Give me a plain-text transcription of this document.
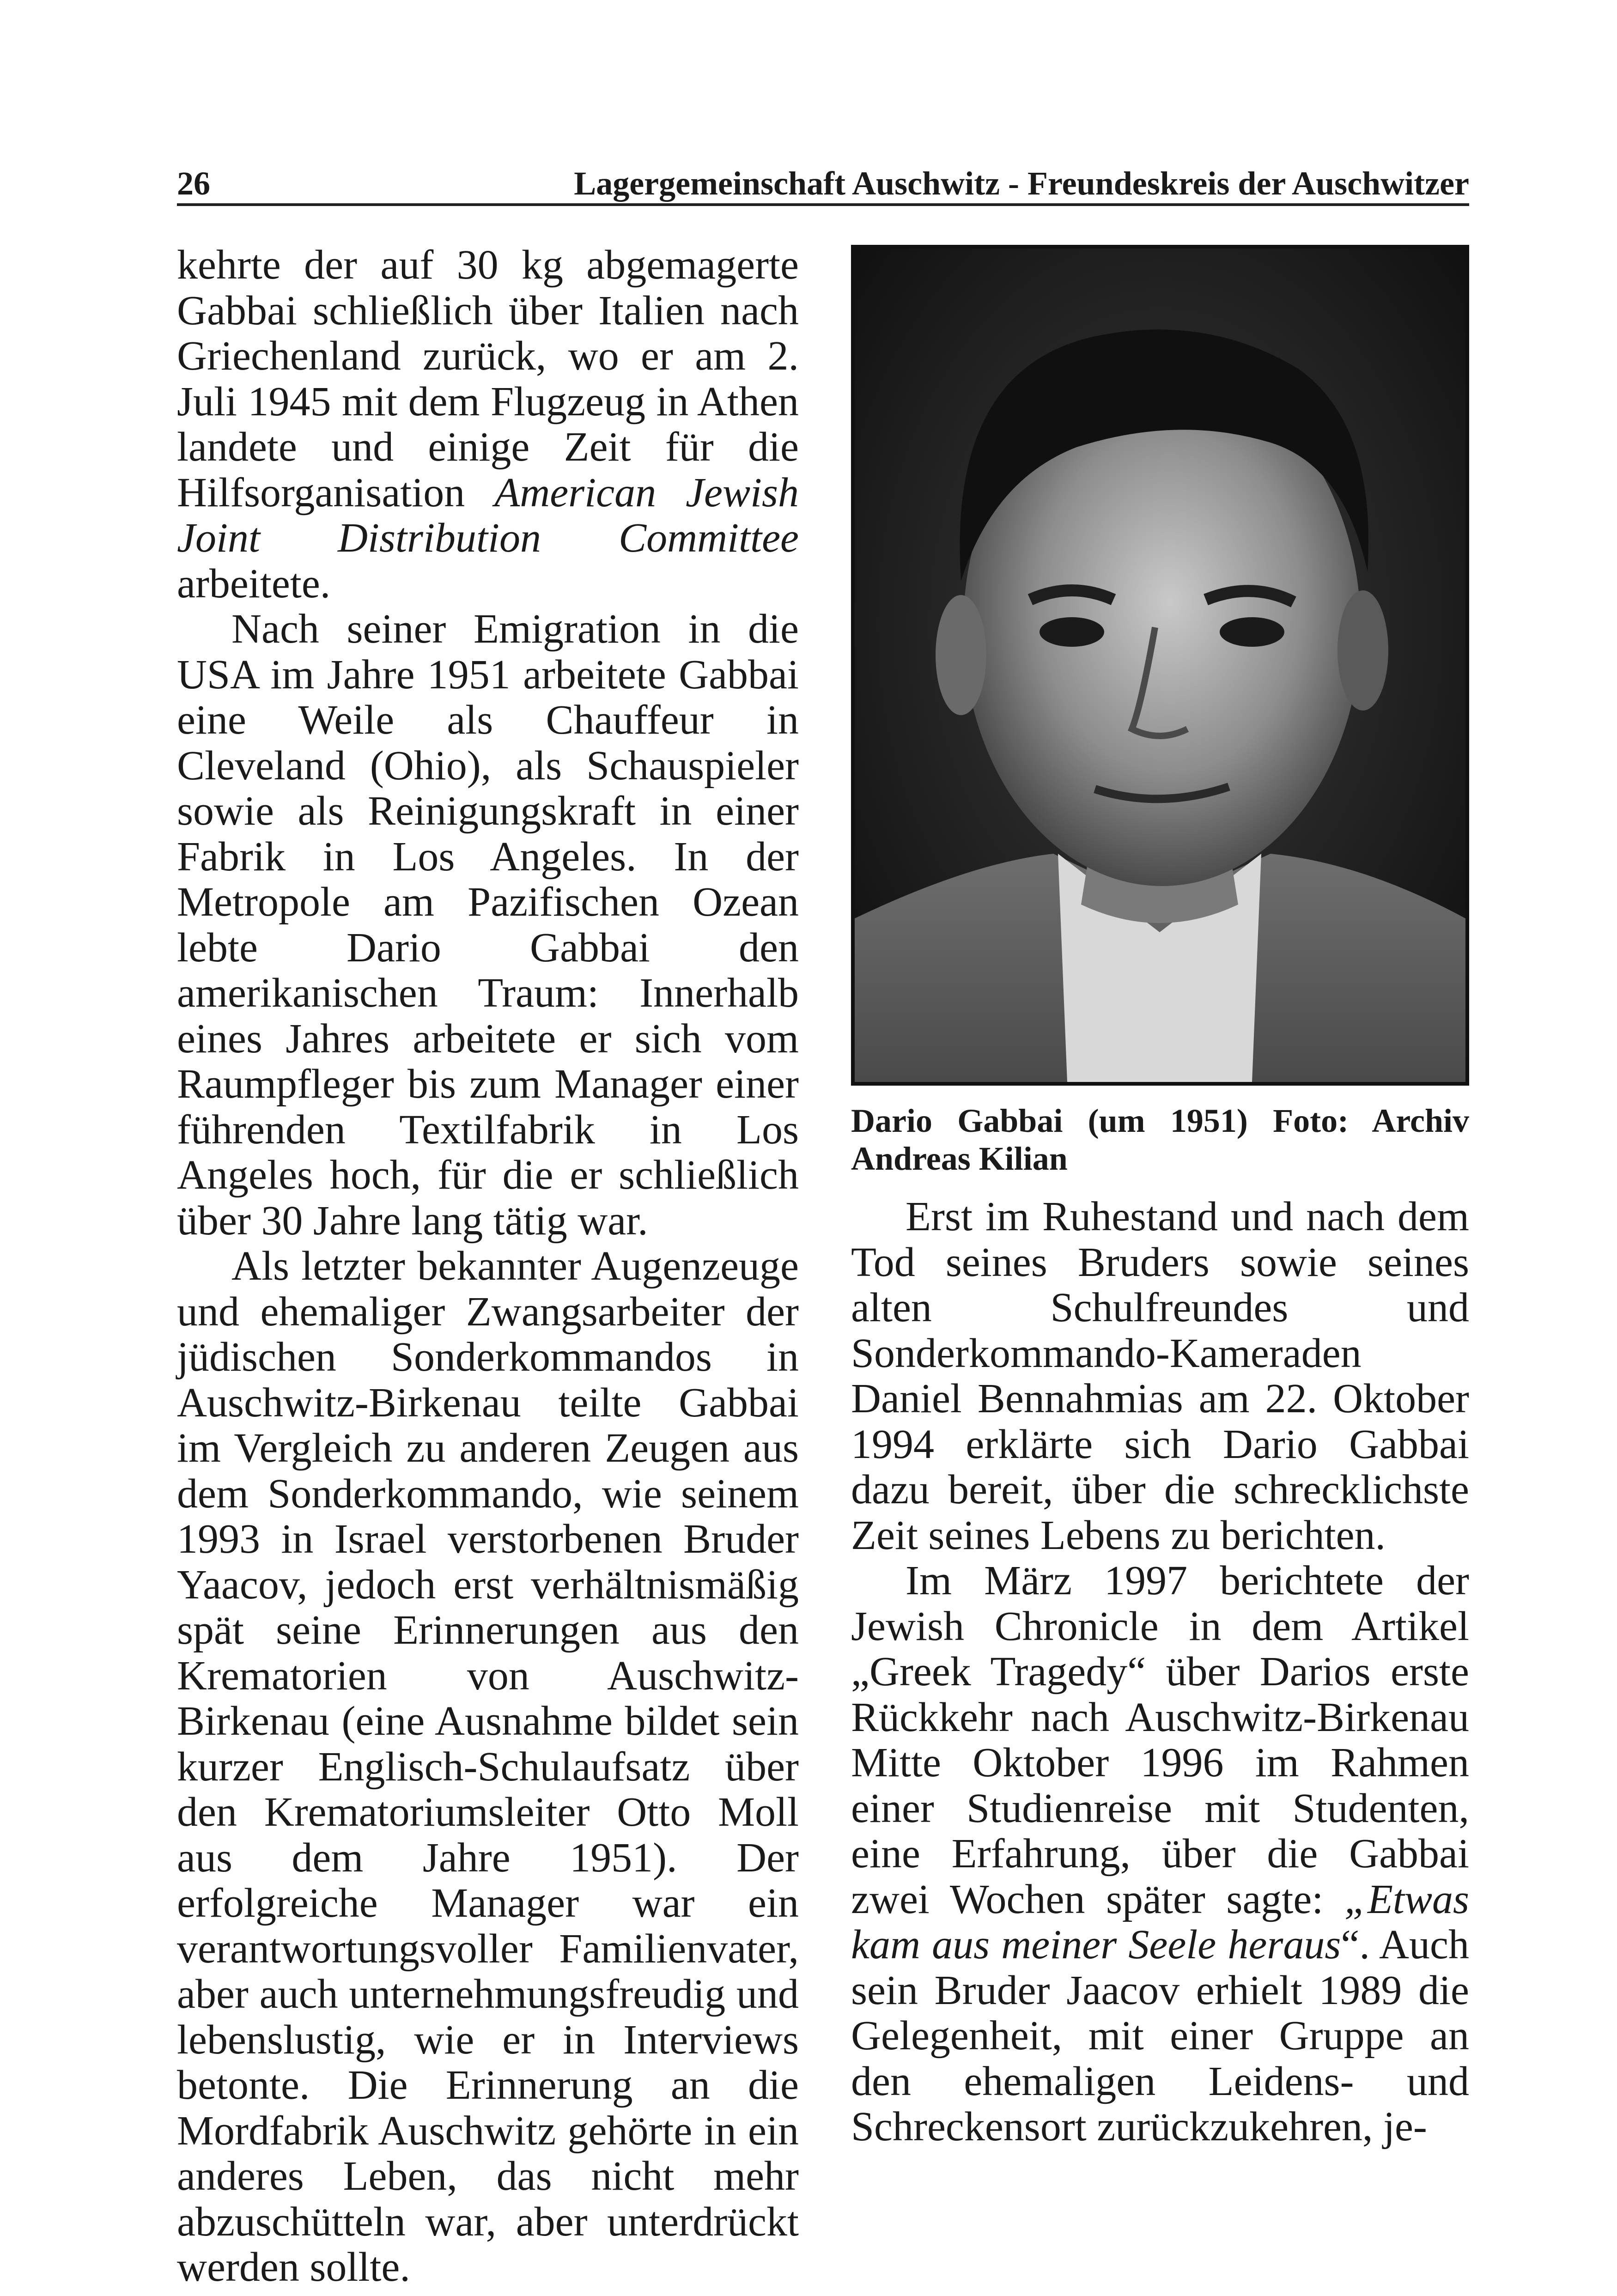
26	Lagergemeinschaft Auschwitz - Freundeskreis der Auschwitzer

kehrte der auf 30 kg abgemagerte Gabbai schließlich über Italien nach Griechenland zurück, wo er am 2. Juli 1945 mit dem Flugzeug in Athen landete und einige Zeit für die Hilfsorganisation American Jewish Joint Distribution Committee arbeitete.

Nach seiner Emigration in die USA im Jahre 1951 arbeitete Gabbai eine Weile als Chauffeur in Cleveland (Ohio), als Schauspieler sowie als Reinigungskraft in einer Fabrik in Los Angeles. In der Metropole am Pazifischen Ozean lebte Dario Gabbai den amerikanischen Traum: Innerhalb eines Jahres arbeitete er sich vom Raumpfleger bis zum Manager einer führenden Textilfabrik in Los Angeles hoch, für die er schließlich über 30 Jahre lang tätig war.

Als letzter bekannter Augenzeuge und ehemaliger Zwangsarbeiter der jüdischen Sonderkommandos in Auschwitz-Birkenau teilte Gabbai im Vergleich zu anderen Zeugen aus dem Sonderkommando, wie seinem 1993 in Israel verstorbenen Bruder Yaacov, jedoch erst verhältnismäßig spät seine Erinnerungen aus den Krematorien von Auschwitz-Birkenau (eine Ausnahme bildet sein kurzer Englisch-Schulaufsatz über den Krematoriumsleiter Otto Moll aus dem Jahre 1951). Der erfolgreiche Manager war ein verantwortungsvoller Familienvater, aber auch unternehmungsfreudig und lebenslustig, wie er in Interviews betonte. Die Erinnerung an die Mordfabrik Auschwitz gehörte in ein anderes Leben, das nicht mehr abzuschütteln war, aber unterdrückt werden sollte.

Dario Gabbai (um 1951) Foto: Archiv Andreas Kilian

Erst im Ruhestand und nach dem Tod seines Bruders sowie seines alten Schulfreundes und Sonderkommando-Kameraden Daniel Bennahmias am 22. Oktober 1994 erklärte sich Dario Gabbai dazu bereit, über die schrecklichste Zeit seines Lebens zu berichten.

Im März 1997 berichtete der Jewish Chronicle in dem Artikel „Greek Tragedy“ über Darios erste Rückkehr nach Auschwitz-Birkenau Mitte Oktober 1996 im Rahmen einer Studienreise mit Studenten, eine Erfahrung, über die Gabbai zwei Wochen später sagte: „Etwas kam aus meiner Seele heraus“. Auch sein Bruder Jaacov erhielt 1989 die Gelegenheit, mit einer Gruppe an den ehemaligen Leidens- und Schreckensort zurückzukehren, je-
